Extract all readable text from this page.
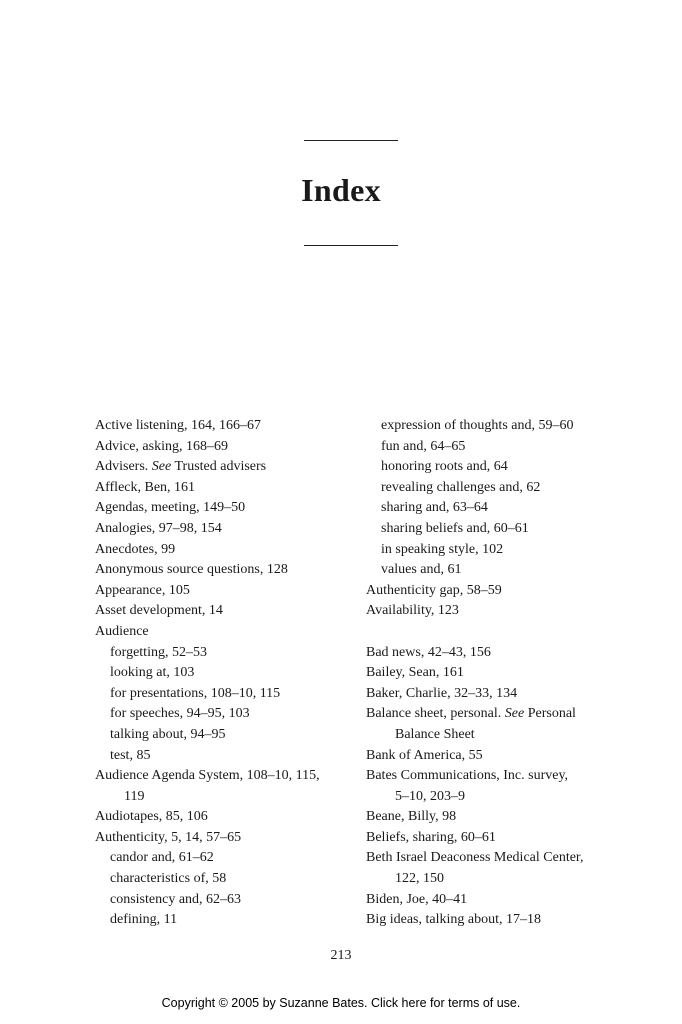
Index
Active listening, 164, 166–67
Advice, asking, 168–69
Advisers. See Trusted advisers
Affleck, Ben, 161
Agendas, meeting, 149–50
Analogies, 97–98, 154
Anecdotes, 99
Anonymous source questions, 128
Appearance, 105
Asset development, 14
Audience
forgetting, 52–53
looking at, 103
for presentations, 108–10, 115
for speeches, 94–95, 103
talking about, 94–95
test, 85
Audience Agenda System, 108–10, 115,
119
Audiotapes, 85, 106
Authenticity, 5, 14, 57–65
candor and, 61–62
characteristics of, 58
consistency and, 62–63
defining, 11
expression of thoughts and, 59–60
fun and, 64–65
honoring roots and, 64
revealing challenges and, 62
sharing and, 63–64
sharing beliefs and, 60–61
in speaking style, 102
values and, 61
Authenticity gap, 58–59
Availability, 123
Bad news, 42–43, 156
Bailey, Sean, 161
Baker, Charlie, 32–33, 134
Balance sheet, personal. See Personal
Balance Sheet
Bank of America, 55
Bates Communications, Inc. survey,
5–10, 203–9
Beane, Billy, 98
Beliefs, sharing, 60–61
Beth Israel Deaconess Medical Center,
122, 150
Biden, Joe, 40–41
Big ideas, talking about, 17–18
213
Copyright © 2005 by Suzanne Bates. Click here for terms of use.
